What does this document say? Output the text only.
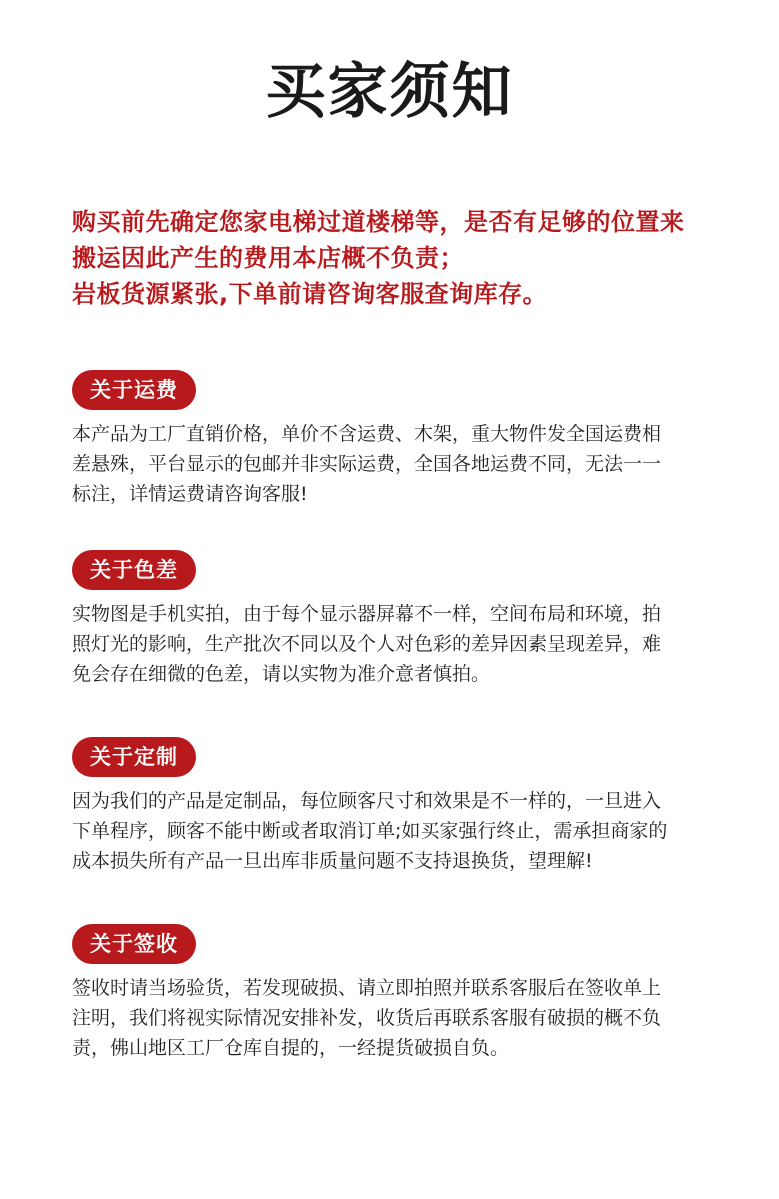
买家须知
购买前先确定您家电梯过道楼梯等，是否有足够的位置来
搬运因此产生的费用本店概不负责；
岩板货源紧张,下单前请咨询客服查询库存。
关于运费
本产品为工厂直销价格，单价不含运费、木架，重大物件发全国运费相
差悬殊，平台显示的包邮并非实际运费，全国各地运费不同，无法一一
标注，详情运费请咨询客服!
关于色差
实物图是手机实拍，由于每个显示器屏幕不一样，空间布局和环境，拍
照灯光的影响，生产批次不同以及个人对色彩的差异因素呈现差异，难
免会存在细微的色差，请以实物为准介意者慎拍。
关于定制
因为我们的产品是定制品，每位顾客尺寸和效果是不一样的，一旦进入
下单程序，顾客不能中断或者取消订单;如买家强行终止，需承担商家的
成本损失所有产品一旦出库非质量问题不支持退换货，望理解!
关于签收
签收时请当场验货，若发现破损、请立即拍照并联系客服后在签收单上
注明，我们将视实际情况安排补发，收货后再联系客服有破损的概不负
责，佛山地区工厂仓库自提的，一经提货破损自负。
